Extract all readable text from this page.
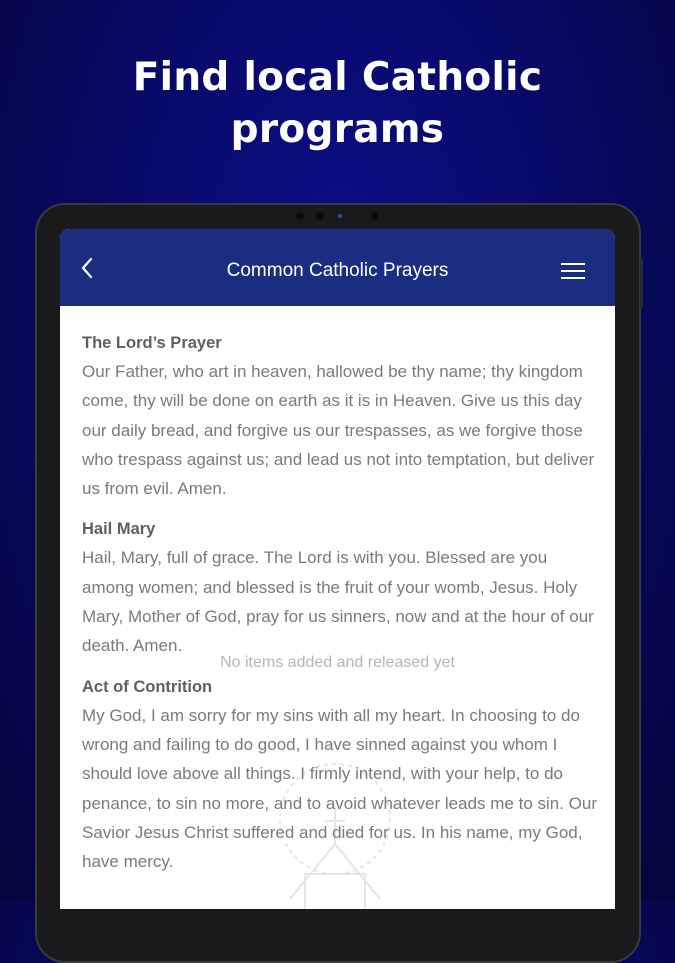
Find local Catholic
programs
Common Catholic Prayers
The Lord’s Prayer
Our Father, who art in heaven, hallowed be thy name; thy kingdom come, thy will be done on earth as it is in Heaven. Give us this day our daily bread, and forgive us our trespasses, as we forgive those who trespass against us; and lead us not into temptation, but deliver us from evil. Amen.
Hail Mary
Hail, Mary, full of grace. The Lord is with you. Blessed are you among women; and blessed is the fruit of your womb, Jesus. Holy Mary, Mother of God, pray for us sinners, now and at the hour of our death. Amen.
Act of Contrition
My God, I am sorry for my sins with all my heart. In choosing to do wrong and failing to do good, I have sinned against you whom I should love above all things. I firmly intend, with your help, to do penance, to sin no more, and to avoid whatever leads me to sin. Our Savior Jesus Christ suffered and died for us. In his name, my God, have mercy.
No items added and released yet
